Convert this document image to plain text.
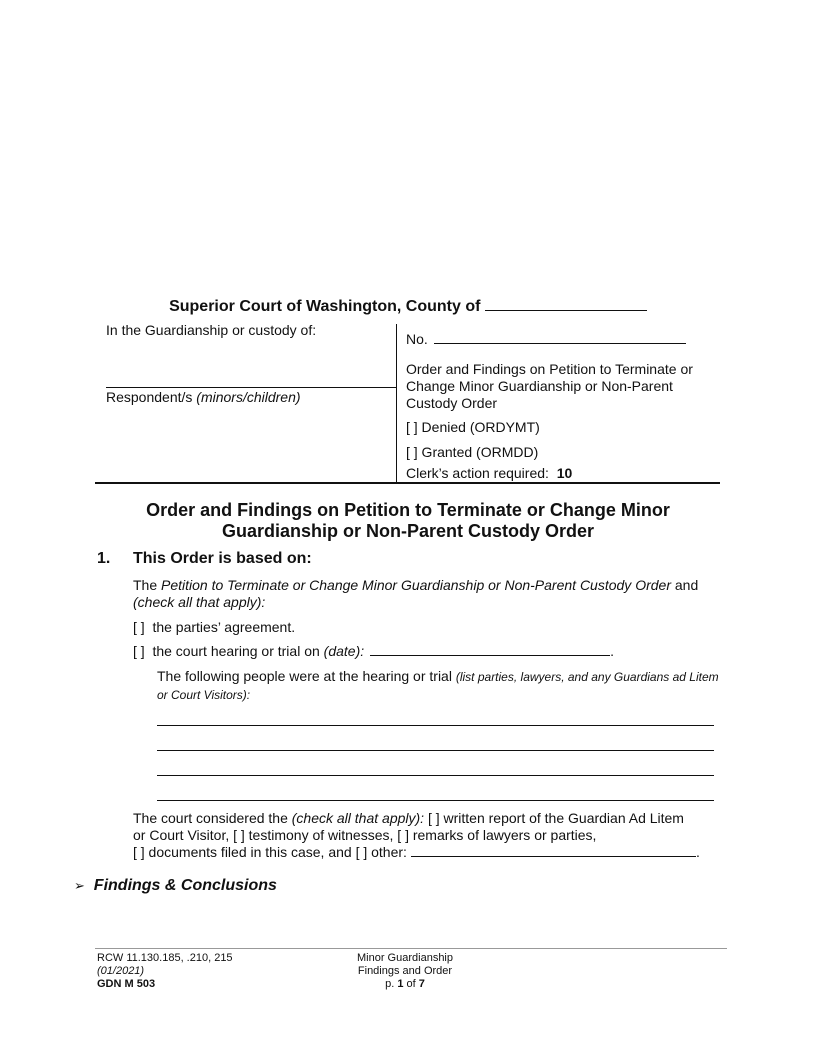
Superior Court of Washington, County of
In the Guardianship or custody of:
Respondent/s (minors/children)
No.
Order and Findings on Petition to Terminate or
Change Minor Guardianship or Non-Parent
Custody Order
[ ] Denied (ORDYMT)
[ ] Granted (ORMDD)
Clerk’s action required: 10
Order and Findings on Petition to Terminate or Change Minor
Guardianship or Non-Parent Custody Order
1. This Order is based on:
The Petition to Terminate or Change Minor Guardianship or Non-Parent Custody Order and
(check all that apply):
[ ] the parties’ agreement.
[ ] the court hearing or trial on (date):	.
The following people were at the hearing or trial (list parties, lawyers, and any Guardians ad Litem
or Court Visitors):
The court considered the (check all that apply): [ ] written report of the Guardian Ad Litem
or Court Visitor, [ ] testimony of witnesses, [ ] remarks of lawyers or parties,
[ ] documents filed in this case, and [ ] other:	.
➢ Findings & Conclusions
RCW 11.130.185, .210, 215
(01/2021)
GDN M 503
Minor Guardianship
Findings and Order
p. 1 of 7
